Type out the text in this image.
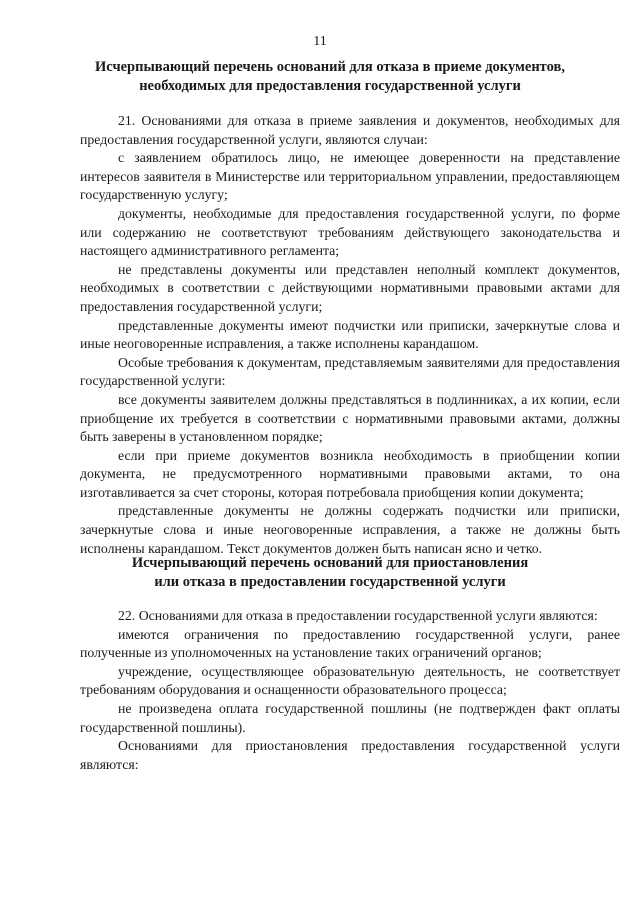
11
Исчерпывающий перечень оснований для отказа в приеме документов,
необходимых для предоставления государственной услуги

21. Основаниями для отказа в приеме заявления и документов, необходимых для предоставления государственной услуги, являются случаи:

с заявлением обратилось лицо, не имеющее доверенности на представление интересов заявителя в Министерстве или территориальном управлении, предоставляющем государственную услугу;

документы, необходимые для предоставления государственной услуги, по форме или содержанию не соответствуют требованиям действующего законодательства и настоящего административного регламента;

не представлены документы или представлен неполный комплект документов, необходимых в соответствии с действующими нормативными правовыми актами для предоставления государственной услуги;

представленные документы имеют подчистки или приписки, зачеркнутые слова и иные неоговоренные исправления, а также исполнены карандашом.

Особые требования к документам, представляемым заявителями для предоставления государственной услуги:

все документы заявителем должны представляться в подлинниках, а их копии, если приобщение их требуется в соответствии с нормативными правовыми актами, должны быть заверены в установленном порядке;

если при приеме документов возникла необходимость в приобщении копии документа, не предусмотренного нормативными правовыми актами, то она изготавливается за счет стороны, которая потребовала приобщения копии документа;

представленные документы не должны содержать подчистки или приписки, зачеркнутые слова и иные неоговоренные исправления, а также не должны быть исполнены карандашом. Текст документов должен быть написан ясно и четко.

Исчерпывающий перечень оснований для приостановления
или отказа в предоставлении государственной услуги

22. Основаниями для отказа в предоставлении государственной услуги являются:

имеются ограничения по предоставлению государственной услуги, ранее полученные из уполномоченных на установление таких ограничений органов;

учреждение, осуществляющее образовательную деятельность, не соответствует требованиям оборудования и оснащенности образовательного процесса;

не произведена оплата государственной пошлины (не подтвержден факт оплаты государственной пошлины).

Основаниями для приостановления предоставления государственной услуги являются:
